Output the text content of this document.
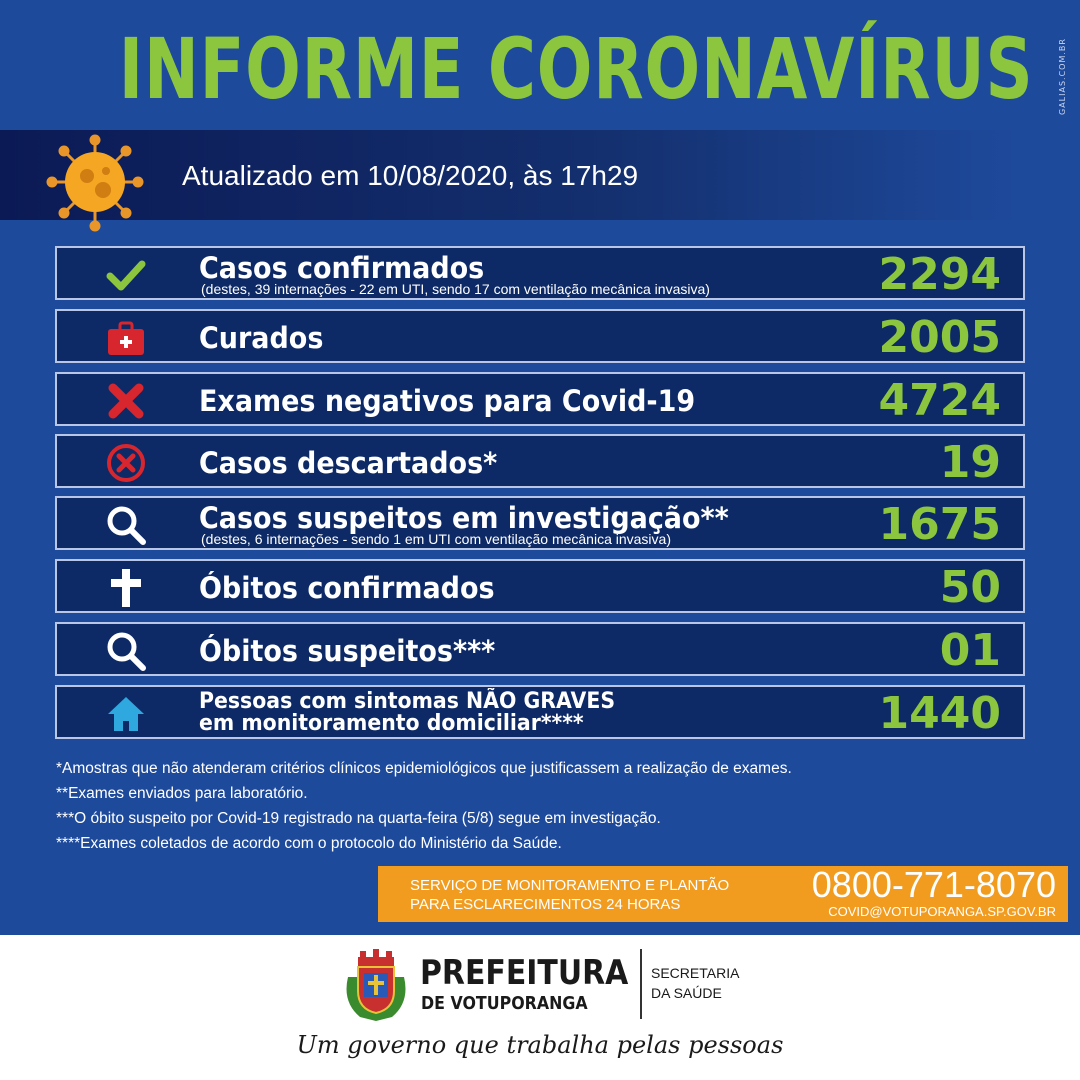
INFORME CORONAVÍRUS	GALIAS.COM.BR
Atualizado em 10/08/2020, às 17h29
Casos confirmados
(destes, 39 internações - 22 em UTI, sendo 17 com ventilação mecânica invasiva)	2294
Curados	2005
Exames negativos para Covid-19	4724
Casos descartados*	19
Casos suspeitos em investigação**
(destes, 6 internações - sendo 1 em UTI com ventilação mecânica invasiva)	1675
Óbitos confirmados	50
Óbitos suspeitos***	01
Pessoas com sintomas NÃO GRAVES
em monitoramento domiciliar****	1440
*Amostras que não atenderam critérios clínicos epidemiológicos que justificassem a realização de exames.
**Exames enviados para laboratório.
***O óbito suspeito por Covid-19 registrado na quarta-feira (5/8) segue em investigação.
****Exames coletados de acordo com o protocolo do Ministério da Saúde.
SERVIÇO DE MONITORAMENTO E PLANTÃO
PARA ESCLARECIMENTOS 24 HORAS	0800-771-8070
COVID@VOTUPORANGA.SP.GOV.BR
PREFEITURA
DE VOTUPORANGA
SECRETARIA
DA SAÚDE
Um governo que trabalha pelas pessoas
